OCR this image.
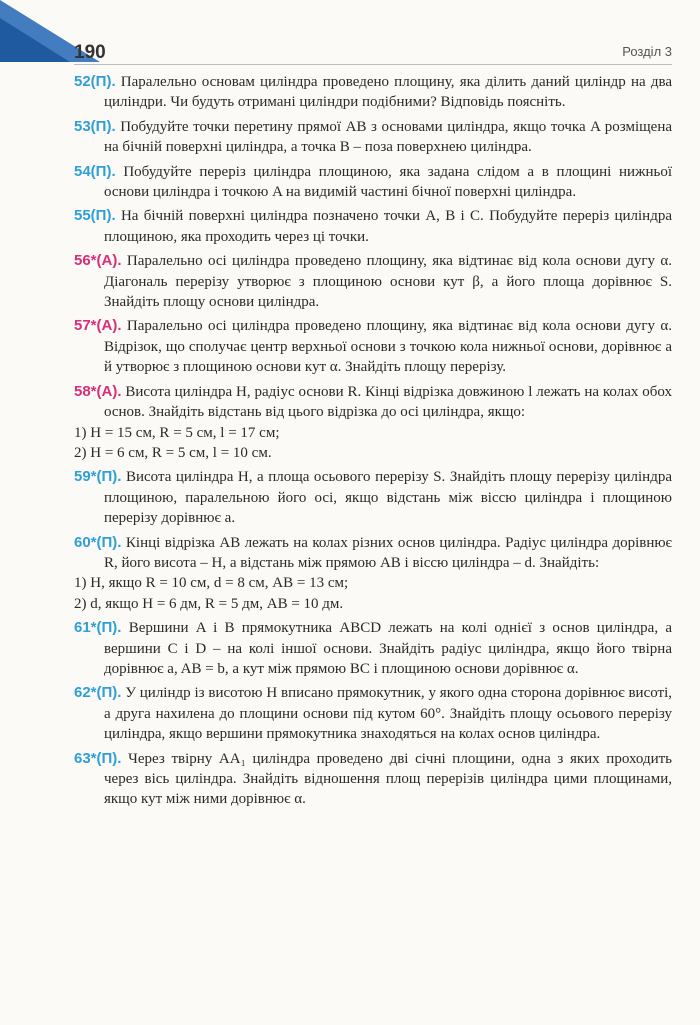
190	Розділ 3

52(П). Паралельно основам циліндра проведено площину, яка ділить даний циліндр на два циліндри. Чи будуть отримані циліндри подібними? Відповідь поясніть.

53(П). Побудуйте точки перетину прямої AB з основами циліндра, якщо точка A розміщена на бічній поверхні циліндра, а точка B – поза поверхнею циліндра.

54(П). Побудуйте переріз циліндра площиною, яка задана слідом a в площині нижньої основи циліндра і точкою A на видимій частині бічної поверхні циліндра.

55(П). На бічній поверхні циліндра позначено точки A, B і C. Побудуйте переріз циліндра площиною, яка проходить через ці точки.

56*(А). Паралельно осі циліндра проведено площину, яка відтинає від кола основи дугу α. Діагональ перерізу утворює з площиною основи кут β, а його площа дорівнює S. Знайдіть площу основи циліндра.

57*(А). Паралельно осі циліндра проведено площину, яка відтинає від кола основи дугу α. Відрізок, що сполучає центр верхньої основи з точкою кола нижньої основи, дорівнює a й утворює з площиною основи кут α. Знайдіть площу перерізу.

58*(А). Висота циліндра H, радіус основи R. Кінці відрізка довжиною l лежать на колах обох основ. Знайдіть відстань від цього відрізка до осі циліндра, якщо:
1) H = 15 см, R = 5 см, l = 17 см;
2) H = 6 см, R = 5 см, l = 10 см.

59*(П). Висота циліндра H, а площа осьового перерізу S. Знайдіть площу перерізу циліндра площиною, паралельною його осі, якщо відстань між віссю циліндра і площиною перерізу дорівнює a.

60*(П). Кінці відрізка AB лежать на колах різних основ циліндра. Радіус циліндра дорівнює R, його висота – H, а відстань між прямою AB і віссю циліндра – d. Знайдіть:
1) H, якщо R = 10 см, d = 8 см, AB = 13 см;
2) d, якщо H = 6 дм, R = 5 дм, AB = 10 дм.

61*(П). Вершини A і B прямокутника ABCD лежать на колі однієї з основ циліндра, а вершини C і D – на колі іншої основи. Знайдіть радіус циліндра, якщо його твірна дорівнює a, AB = b, а кут між прямою BC і площиною основи дорівнює α.

62*(П). У циліндр із висотою H вписано прямокутник, у якого одна сторона дорівнює висоті, а друга нахилена до площини основи під кутом 60°. Знайдіть площу осьового перерізу циліндра, якщо вершини прямокутника знаходяться на колах основ циліндра.

63*(П). Через твірну AA₁ циліндра проведено дві січні площини, одна з яких проходить через вісь циліндра. Знайдіть відношення площ перерізів циліндра цими площинами, якщо кут між ними дорівнює α.
